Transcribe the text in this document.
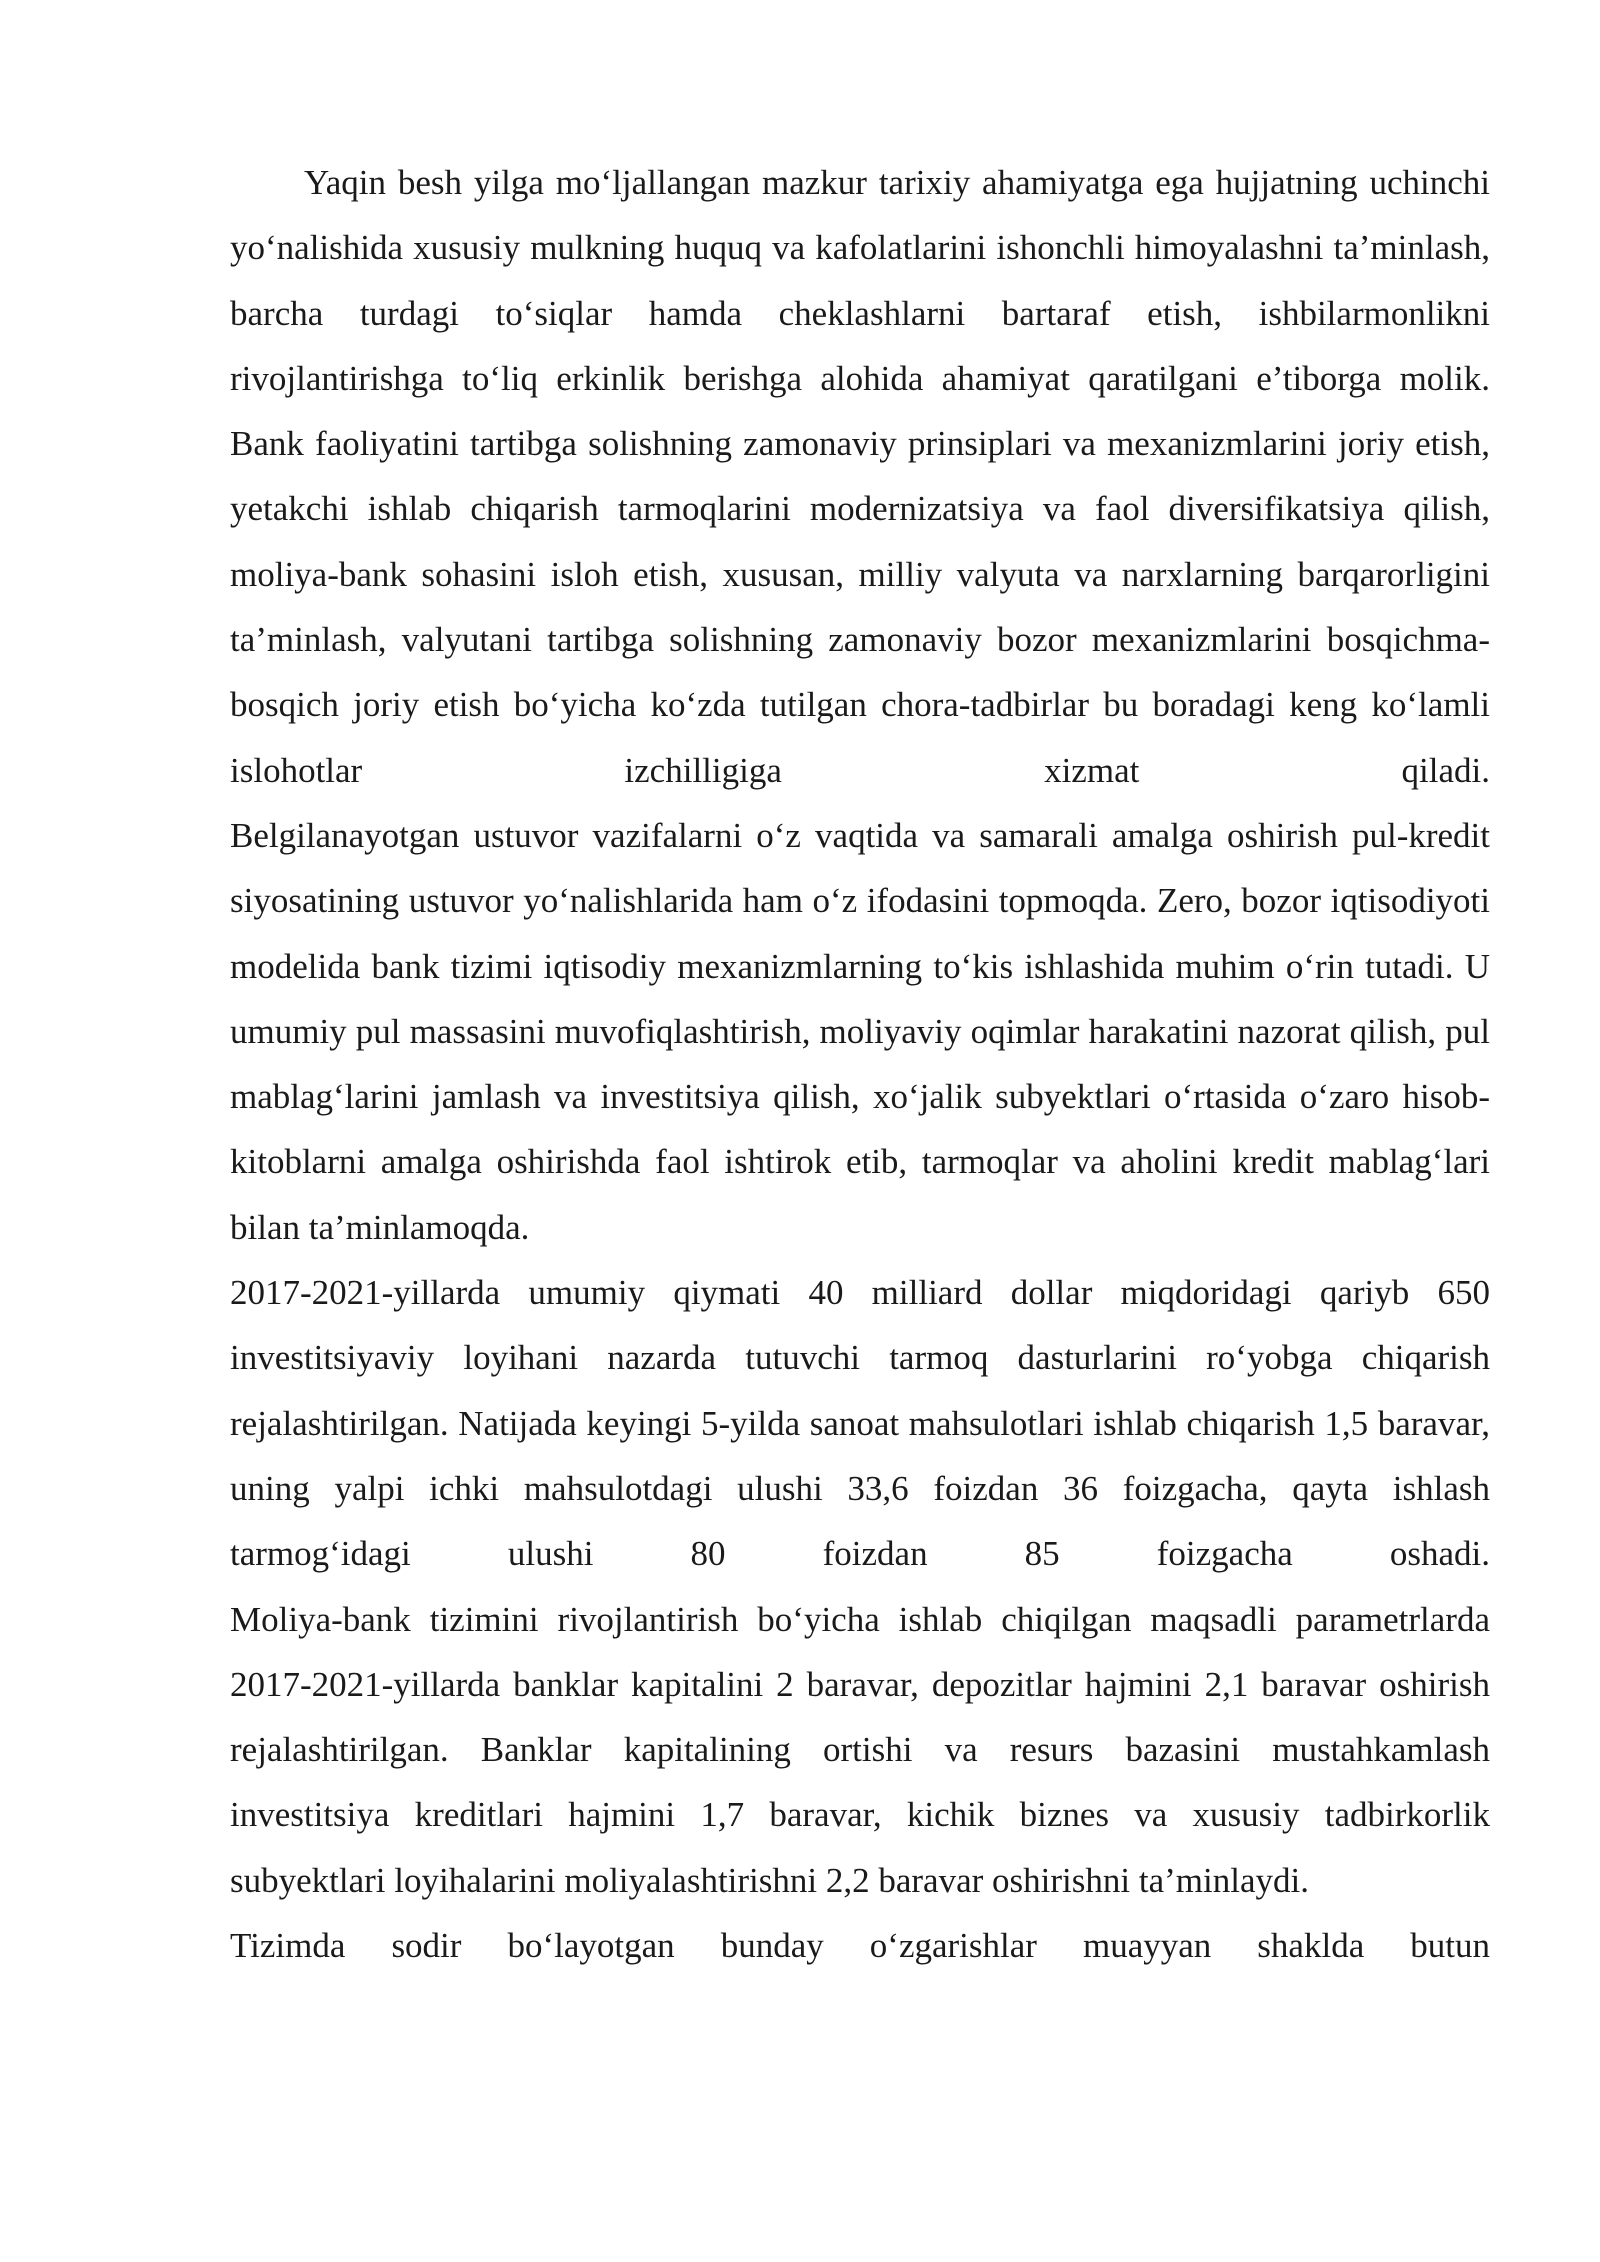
Yaqin besh yilga mo‘ljallangan mazkur tarixiy ahamiyatga ega hujjatning uchinchi yo‘nalishida xususiy mulkning huquq va kafolatlarini ishonchli himoyalashni ta’minlash, barcha turdagi to‘siqlar hamda cheklashlarni bartaraf etish, ishbilarmonlikni rivojlantirishga to‘liq erkinlik berishga alohida ahamiyat qaratilgani e’tiborga molik. Bank faoliyatini tartibga solishning zamonaviy prinsiplari va mexanizmlarini joriy etish, yetakchi ishlab chiqarish tarmoqlarini modernizatsiya va faol diversifikatsiya qilish, moliya-bank sohasini isloh etish, xususan, milliy valyuta va narxlarning barqarorligini ta’minlash, valyutani tartibga solishning zamonaviy bozor mexanizmlarini bosqichma-bosqich joriy etish bo‘yicha ko‘zda tutilgan chora-tadbirlar bu boradagi keng ko‘lamli islohotlar izchilligiga xizmat qiladi.

Belgilanayotgan ustuvor vazifalarni o‘z vaqtida va samarali amalga oshirish pul-kredit siyosatining ustuvor yo‘nalishlarida ham o‘z ifodasini topmoqda. Zero, bozor iqtisodiyoti modelida bank tizimi iqtisodiy mexanizmlarning to‘kis ishlashida muhim o‘rin tutadi. U umumiy pul massasini muvofiqlashtirish, moliyaviy oqimlar harakatini nazorat qilish, pul mablag‘larini jamlash va investitsiya qilish, xo‘jalik subyektlari o‘rtasida o‘zaro hisob-kitoblarni amalga oshirishda faol ishtirok etib, tarmoqlar va aholini kredit mablag‘lari bilan ta’minlamoqda.

2017-2021-yillarda umumiy qiymati 40 milliard dollar miqdoridagi qariyb 650 investitsiyaviy loyihani nazarda tutuvchi tarmoq dasturlarini ro‘yobga chiqarish rejalashtirilgan. Natijada keyingi 5-yilda sanoat mahsulotlari ishlab chiqarish 1,5 baravar, uning yalpi ichki mahsulotdagi ulushi 33,6 foizdan 36 foizgacha, qayta ishlash tarmog‘idagi ulushi 80 foizdan 85 foizgacha oshadi.

Moliya-bank tizimini rivojlantirish bo‘yicha ishlab chiqilgan maqsadli parametrlarda 2017-2021-yillarda banklar kapitalini 2 baravar, depozitlar hajmini 2,1 baravar oshirish rejalashtirilgan. Banklar kapitalining ortishi va resurs bazasini mustahkamlash investitsiya kreditlari hajmini 1,7 baravar, kichik biznes va xususiy tadbirkorlik subyektlari loyihalarini moliyalashtirishni 2,2 baravar oshirishni ta’minlaydi.

Tizimda sodir bo‘layotgan bunday o‘zgarishlar muayyan shaklda butun
